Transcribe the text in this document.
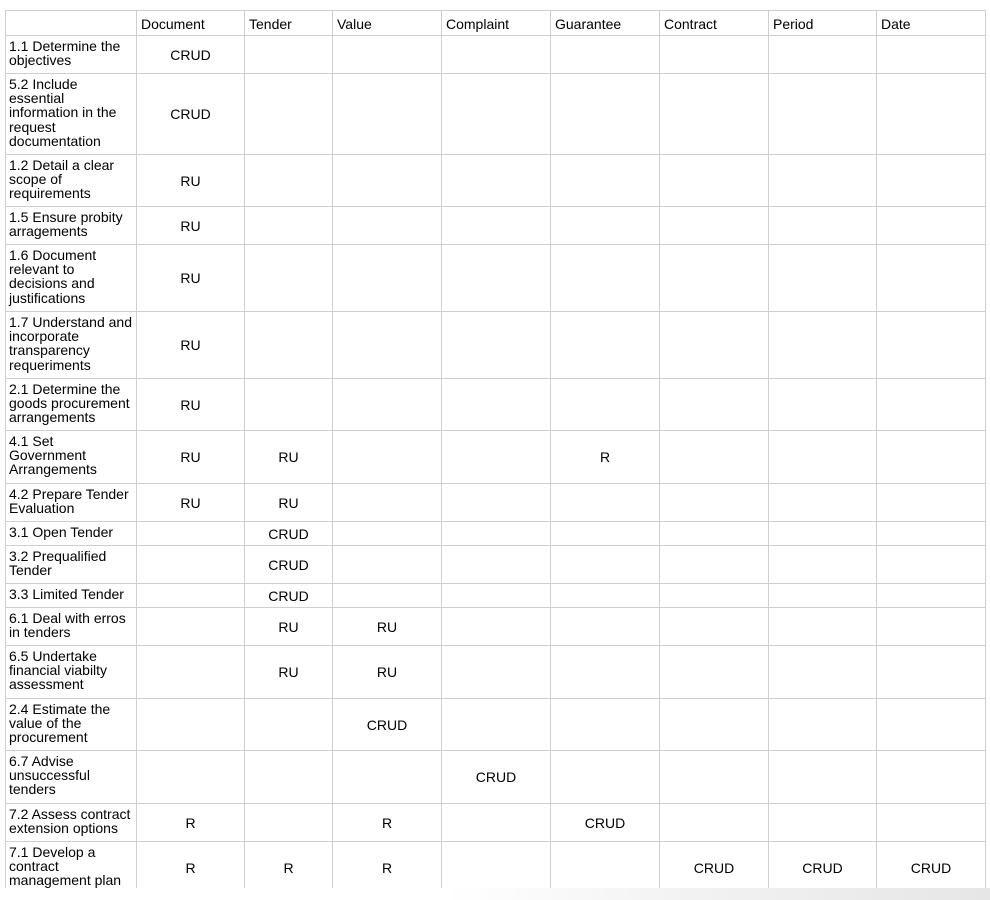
	Document	Tender	Value	Complaint	Guarantee	Contract	Period	Date
1.1 Determine the objectives	CRUD							
5.2 Include essential information in the request documentation	CRUD							
1.2 Detail a clear scope of requirements	RU							
1.5 Ensure probity arragements	RU							
1.6 Document relevant to decisions and justifications	RU							
1.7 Understand and incorporate transparency requeriments	RU							
2.1 Determine the goods procurement arrangements	RU							
4.1 Set Government Arrangements	RU	RU			R			
4.2 Prepare Tender Evaluation	RU	RU						
3.1 Open Tender		CRUD						
3.2 Prequalified Tender		CRUD						
3.3 Limited Tender		CRUD						
6.1 Deal with erros in tenders		RU	RU					
6.5 Undertake financial viabilty assessment		RU	RU					
2.4 Estimate the value of the procurement			CRUD					
6.7 Advise unsuccessful tenders				CRUD				
7.2 Assess contract extension options	R		R		CRUD			
7.1 Develop a contract management plan	R	R	R			CRUD	CRUD	CRUD
